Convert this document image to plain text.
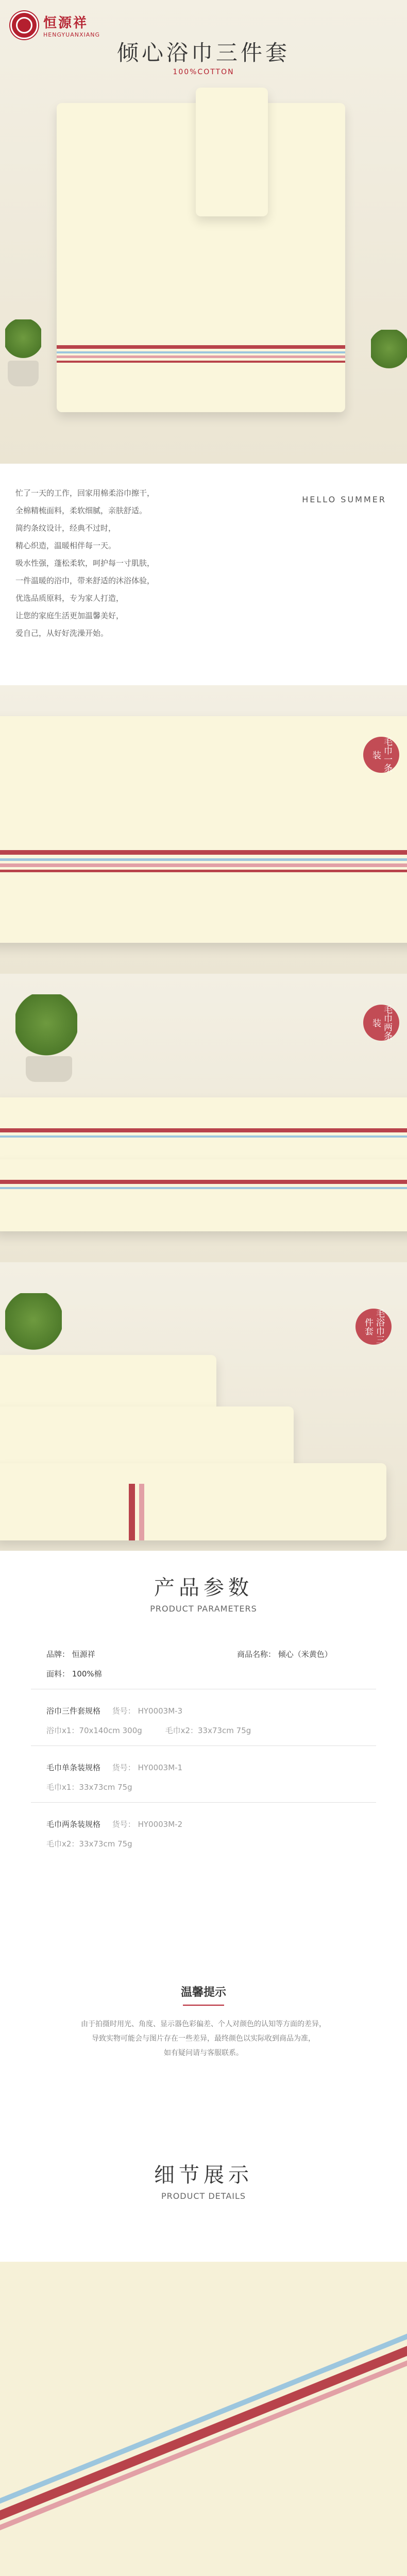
恒源祥
HENGYUANXIANG
倾心浴巾三件套
100%COTTON

忙了一天的工作，回家用棉柔浴巾擦干，

全棉精梳面料，柔软细腻，亲肤舒适。

简约条纹设计，经典不过时，

精心织造，温暖相伴每一天。

吸水性强，蓬松柔软，呵护每一寸肌肤，

一件温暖的浴巾，带来舒适的沐浴体验，

优选品质原料，专为家人打造，

让您的家庭生活更加温馨美好，

爱自己，从好好洗澡开始。

HELLO SUMMER
毛巾一条装
毛巾两条装
毛浴巾三件套
产品参数
PRODUCT PARAMETERS
品牌： 恒源祥	商品名称： 倾心（米黄色）
面料： 100%棉
浴巾三件套规格 货号： HY0003M-3
浴巾x1：70x140cm 300g	毛巾x2：33x73cm 75g
毛巾单条装规格 货号： HY0003M-1
毛巾x1：33x73cm 75g
毛巾两条装规格 货号： HY0003M-2
毛巾x2：33x73cm 75g
温馨提示

由于拍摄时用光、角度、显示器色彩偏差、个人对颜色的认知等方面的差异，

导致实物可能会与图片存在一些差异，最终颜色以实际收到商品为准，

如有疑问请与客服联系。

细节展示
PRODUCT DETAILS
